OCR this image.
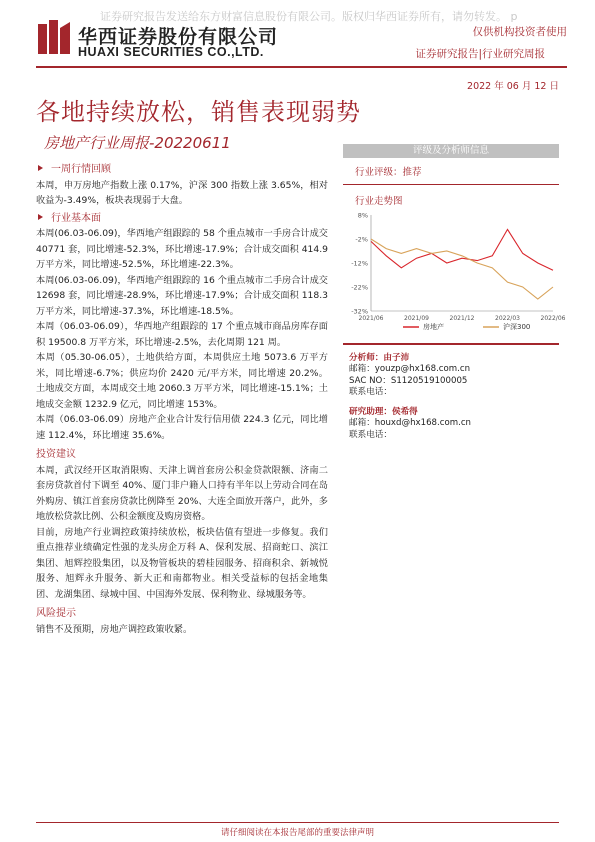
证券研究报告发送给东方财富信息股份有限公司。版权归华西证券所有，请勿转发。 p
华西证券股份有限公司
HUAXI SECURITIES CO.,LTD.
仅供机构投资者使用
证券研究报告|行业研究周报
2022 年 06 月 12 日
各地持续放松，销售表现弱势
房地产行业周报-20220611
一周行情回顾

本周，申万房地产指数上涨 0.17%，沪深 300 指数上涨 3.65%，相对收益为-3.49%，板块表现弱于大盘。

行业基本面

本周(06.03-06.09)，华西地产组跟踪的 58 个重点城市一手房合计成交 40771 套，同比增速-52.3%，环比增速-17.9%；合计成交面积 414.9 万平方米，同比增速-52.5%，环比增速-22.3%。

本周(06.03-06.09)，华西地产组跟踪的 16 个重点城市二手房合计成交 12698 套，同比增速-28.9%，环比增速-17.9%；合计成交面积 118.3 万平方米，同比增速-37.3%，环比增速-18.5%。

本周（06.03-06.09），华西地产组跟踪的 17 个重点城市商品房库存面积 19500.8 万平方米，环比增速-2.5%，去化周期 121 周。

本周（05.30-06.05），土地供给方面，本周供应土地 5073.6 万平方米，同比增速-6.7%；供应均价 2420 元/平方米，同比增速 20.2%。土地成交方面，本周成交土地 2060.3 万平方米，同比增速-15.1%；土地成交金额 1232.9 亿元，同比增速 153%。

本周（06.03-06.09）房地产企业合计发行信用债 224.3 亿元，同比增速 112.4%，环比增速 35.6%。

投资建议

本周，武汉经开区取消限购、天津上调首套房公积金贷款限额、济南二套房贷款首付下调至 40%、厦门非户籍人口持有半年以上劳动合同在岛外购房、镇江首套房贷款比例降至 20%、大连全面放开落户，此外，多地放松贷款比例、公积金额度及购房资格。

目前，房地产行业调控政策持续放松，板块估值有望进一步修复。我们重点推荐业绩确定性强的龙头房企万科 A、保利发展、招商蛇口、滨江集团、旭辉控股集团，以及物管板块的碧桂园服务、招商积余、新城悦服务、旭辉永升服务、新大正和南都物业。相关受益标的包括金地集团、龙湖集团、绿城中国、中国海外发展、保利物业、绿城服务等。

风险提示

销售不及预期，房地产调控政策收紧。

评级及分析师信息
行业评级：推荐
行业走势图
8%
-2%
-12%
-22%
-32%
2021/06	2021/09	2021/12	2022/03	2022/06
房地产	沪深300
分析师：由子沛
邮箱：youzp@hx168.com.cn
SAC NO：S1120519100005
联系电话：
研究助理：侯希得
邮箱：houxd@hx168.com.cn
联系电话：
请仔细阅读在本报告尾部的重要法律声明
